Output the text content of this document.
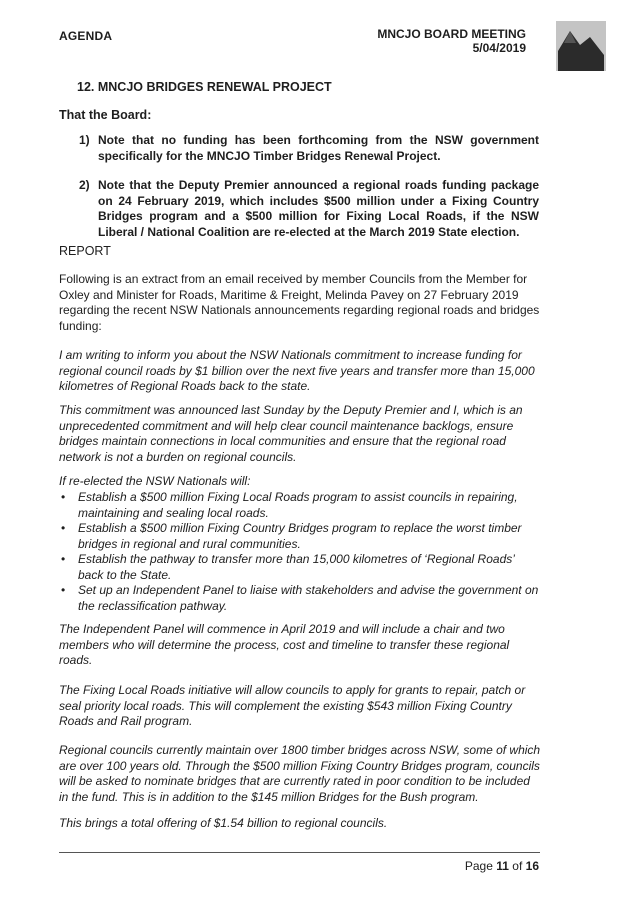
AGENDA	MNCJO BOARD MEETING
5/04/2019
12. MNCJO BRIDGES RENEWAL PROJECT
That the Board:
1) Note that no funding has been forthcoming from the NSW government specifically for the MNCJO Timber Bridges Renewal Project.
2) Note that the Deputy Premier announced a regional roads funding package on 24 February 2019, which includes $500 million under a Fixing Country Bridges program and a $500 million for Fixing Local Roads, if the NSW Liberal / National Coalition are re-elected at the March 2019 State election.
REPORT
Following is an extract from an email received by member Councils from the Member for Oxley and Minister for Roads, Maritime & Freight, Melinda Pavey on 27 February 2019 regarding the recent NSW Nationals announcements regarding regional roads and bridges funding:
I am writing to inform you about the NSW Nationals commitment to increase funding for regional council roads by $1 billion over the next five years and transfer more than 15,000 kilometres of Regional Roads back to the state.
This commitment was announced last Sunday by the Deputy Premier and I, which is an unprecedented commitment and will help clear council maintenance backlogs, ensure bridges maintain connections in local communities and ensure that the regional road network is not a burden on regional councils.
If re-elected the NSW Nationals will:
• Establish a $500 million Fixing Local Roads program to assist councils in repairing, maintaining and sealing local roads.
• Establish a $500 million Fixing Country Bridges program to replace the worst timber bridges in regional and rural communities.
• Establish the pathway to transfer more than 15,000 kilometres of ‘Regional Roads’ back to the State.
• Set up an Independent Panel to liaise with stakeholders and advise the government on the reclassification pathway.
The Independent Panel will commence in April 2019 and will include a chair and two members who will determine the process, cost and timeline to transfer these regional roads.
The Fixing Local Roads initiative will allow councils to apply for grants to repair, patch or seal priority local roads. This will complement the existing $543 million Fixing Country Roads and Rail program.
Regional councils currently maintain over 1800 timber bridges across NSW, some of which are over 100 years old. Through the $500 million Fixing Country Bridges program, councils will be asked to nominate bridges that are currently rated in poor condition to be included in the fund. This is in addition to the $145 million Bridges for the Bush program.
This brings a total offering of $1.54 billion to regional councils.
Page 11 of 16
